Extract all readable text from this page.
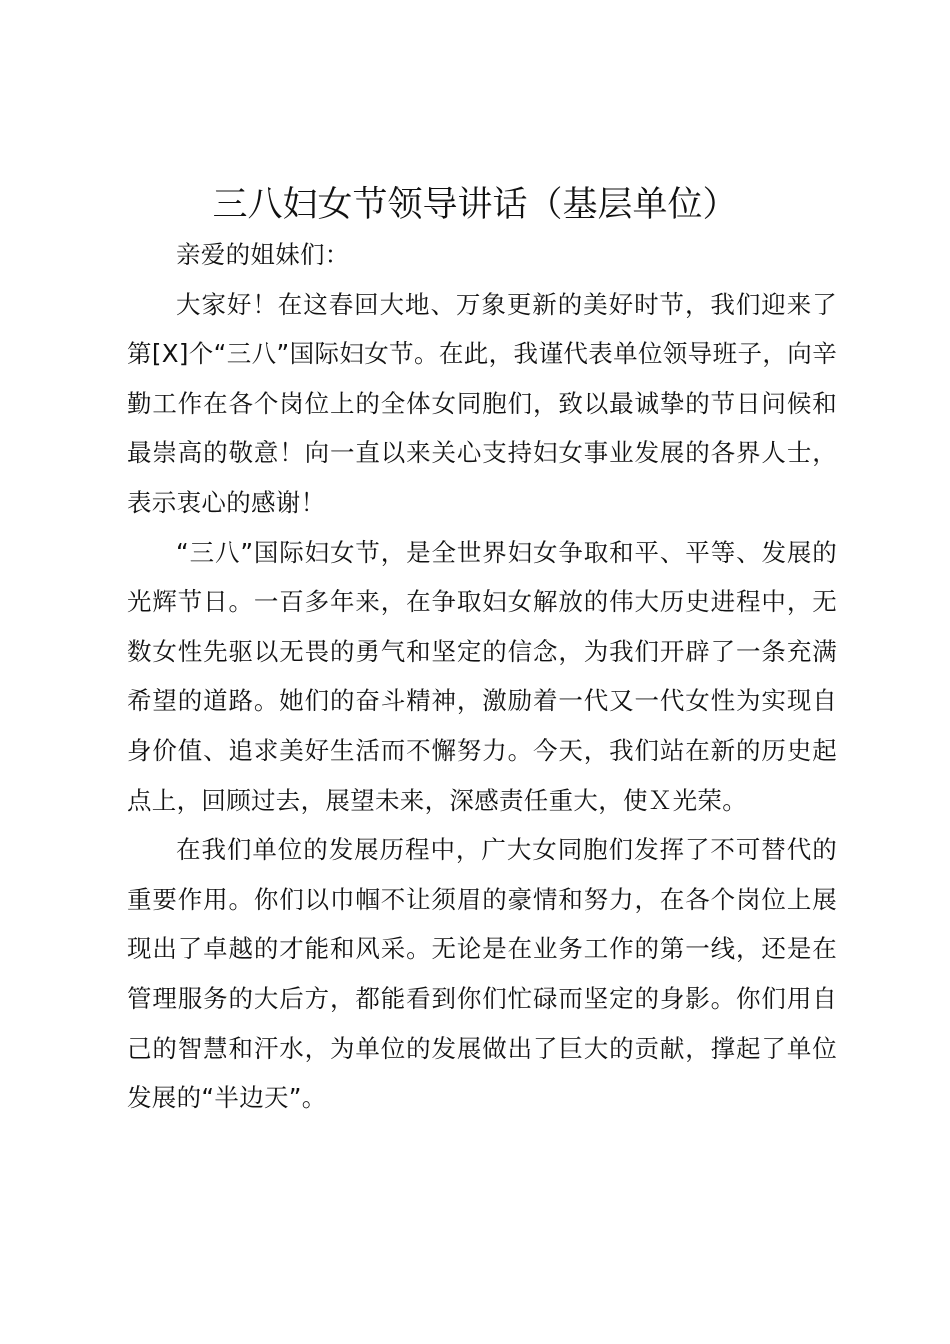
三八妇女节领导讲话（基层单位）

亲爱的姐妹们：

大家好！在这春回大地、万象更新的美好时节，我们迎来了第[X]个“三八”国际妇女节。在此，我谨代表单位领导班子，向辛勤工作在各个岗位上的全体女同胞们，致以最诚挚的节日问候和最崇高的敬意！向一直以来关心支持妇女事业发展的各界人士，表示衷心的感谢！

“三八”国际妇女节，是全世界妇女争取和平、平等、发展的光辉节日。一百多年来，在争取妇女解放的伟大历史进程中，无数女性先驱以无畏的勇气和坚定的信念，为我们开辟了一条充满希望的道路。她们的奋斗精神，激励着一代又一代女性为实现自身价值、追求美好生活而不懈努力。今天，我们站在新的历史起点上，回顾过去，展望未来，深感责任重大，使Ｘ光荣。

在我们单位的发展历程中，广大女同胞们发挥了不可替代的重要作用。你们以巾帼不让须眉的豪情和努力，在各个岗位上展现出了卓越的才能和风采。无论是在业务工作的第一线，还是在管理服务的大后方，都能看到你们忙碌而坚定的身影。你们用自己的智慧和汗水，为单位的发展做出了巨大的贡献，撑起了单位发展的“半边天”。
